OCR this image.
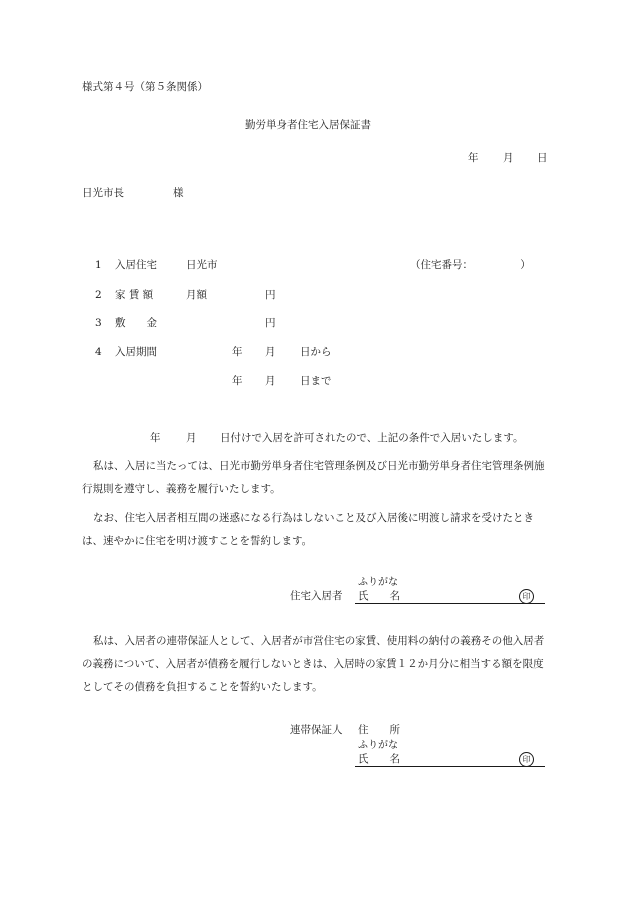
様式第４号（第５条関係）
勤労単身者住宅入居保証書
年 月 日
日光市長	様
1 入居住宅	日光市	（住宅番号：　　　　　）
2 家 賃 額	月額	円
3 敷　　金	円
4 入居期間	年 月 日から
年 月 日まで
年 月 日付けで入居を許可されたので、上記の条件で入居いたします。
私は、入居に当たっては、日光市勤労単身者住宅管理条例及び日光市勤労単身者住宅管理条例施行規則を遵守し、義務を履行いたします。
なお、住宅入居者相互間の迷惑になる行為はしないこと及び入居後に明渡し請求を受けたときは、速やかに住宅を明け渡すことを誓約します。
ふりがな
住宅入居者 氏　　名	印
私は、入居者の連帯保証人として、入居者が市営住宅の家賃、使用料の納付の義務その他入居者の義務について、入居者が債務を履行しないときは、入居時の家賃１２か月分に相当する額を限度としてその債務を負担することを誓約いたします。
連帯保証人 住　　所
ふりがな
氏　　名	印
